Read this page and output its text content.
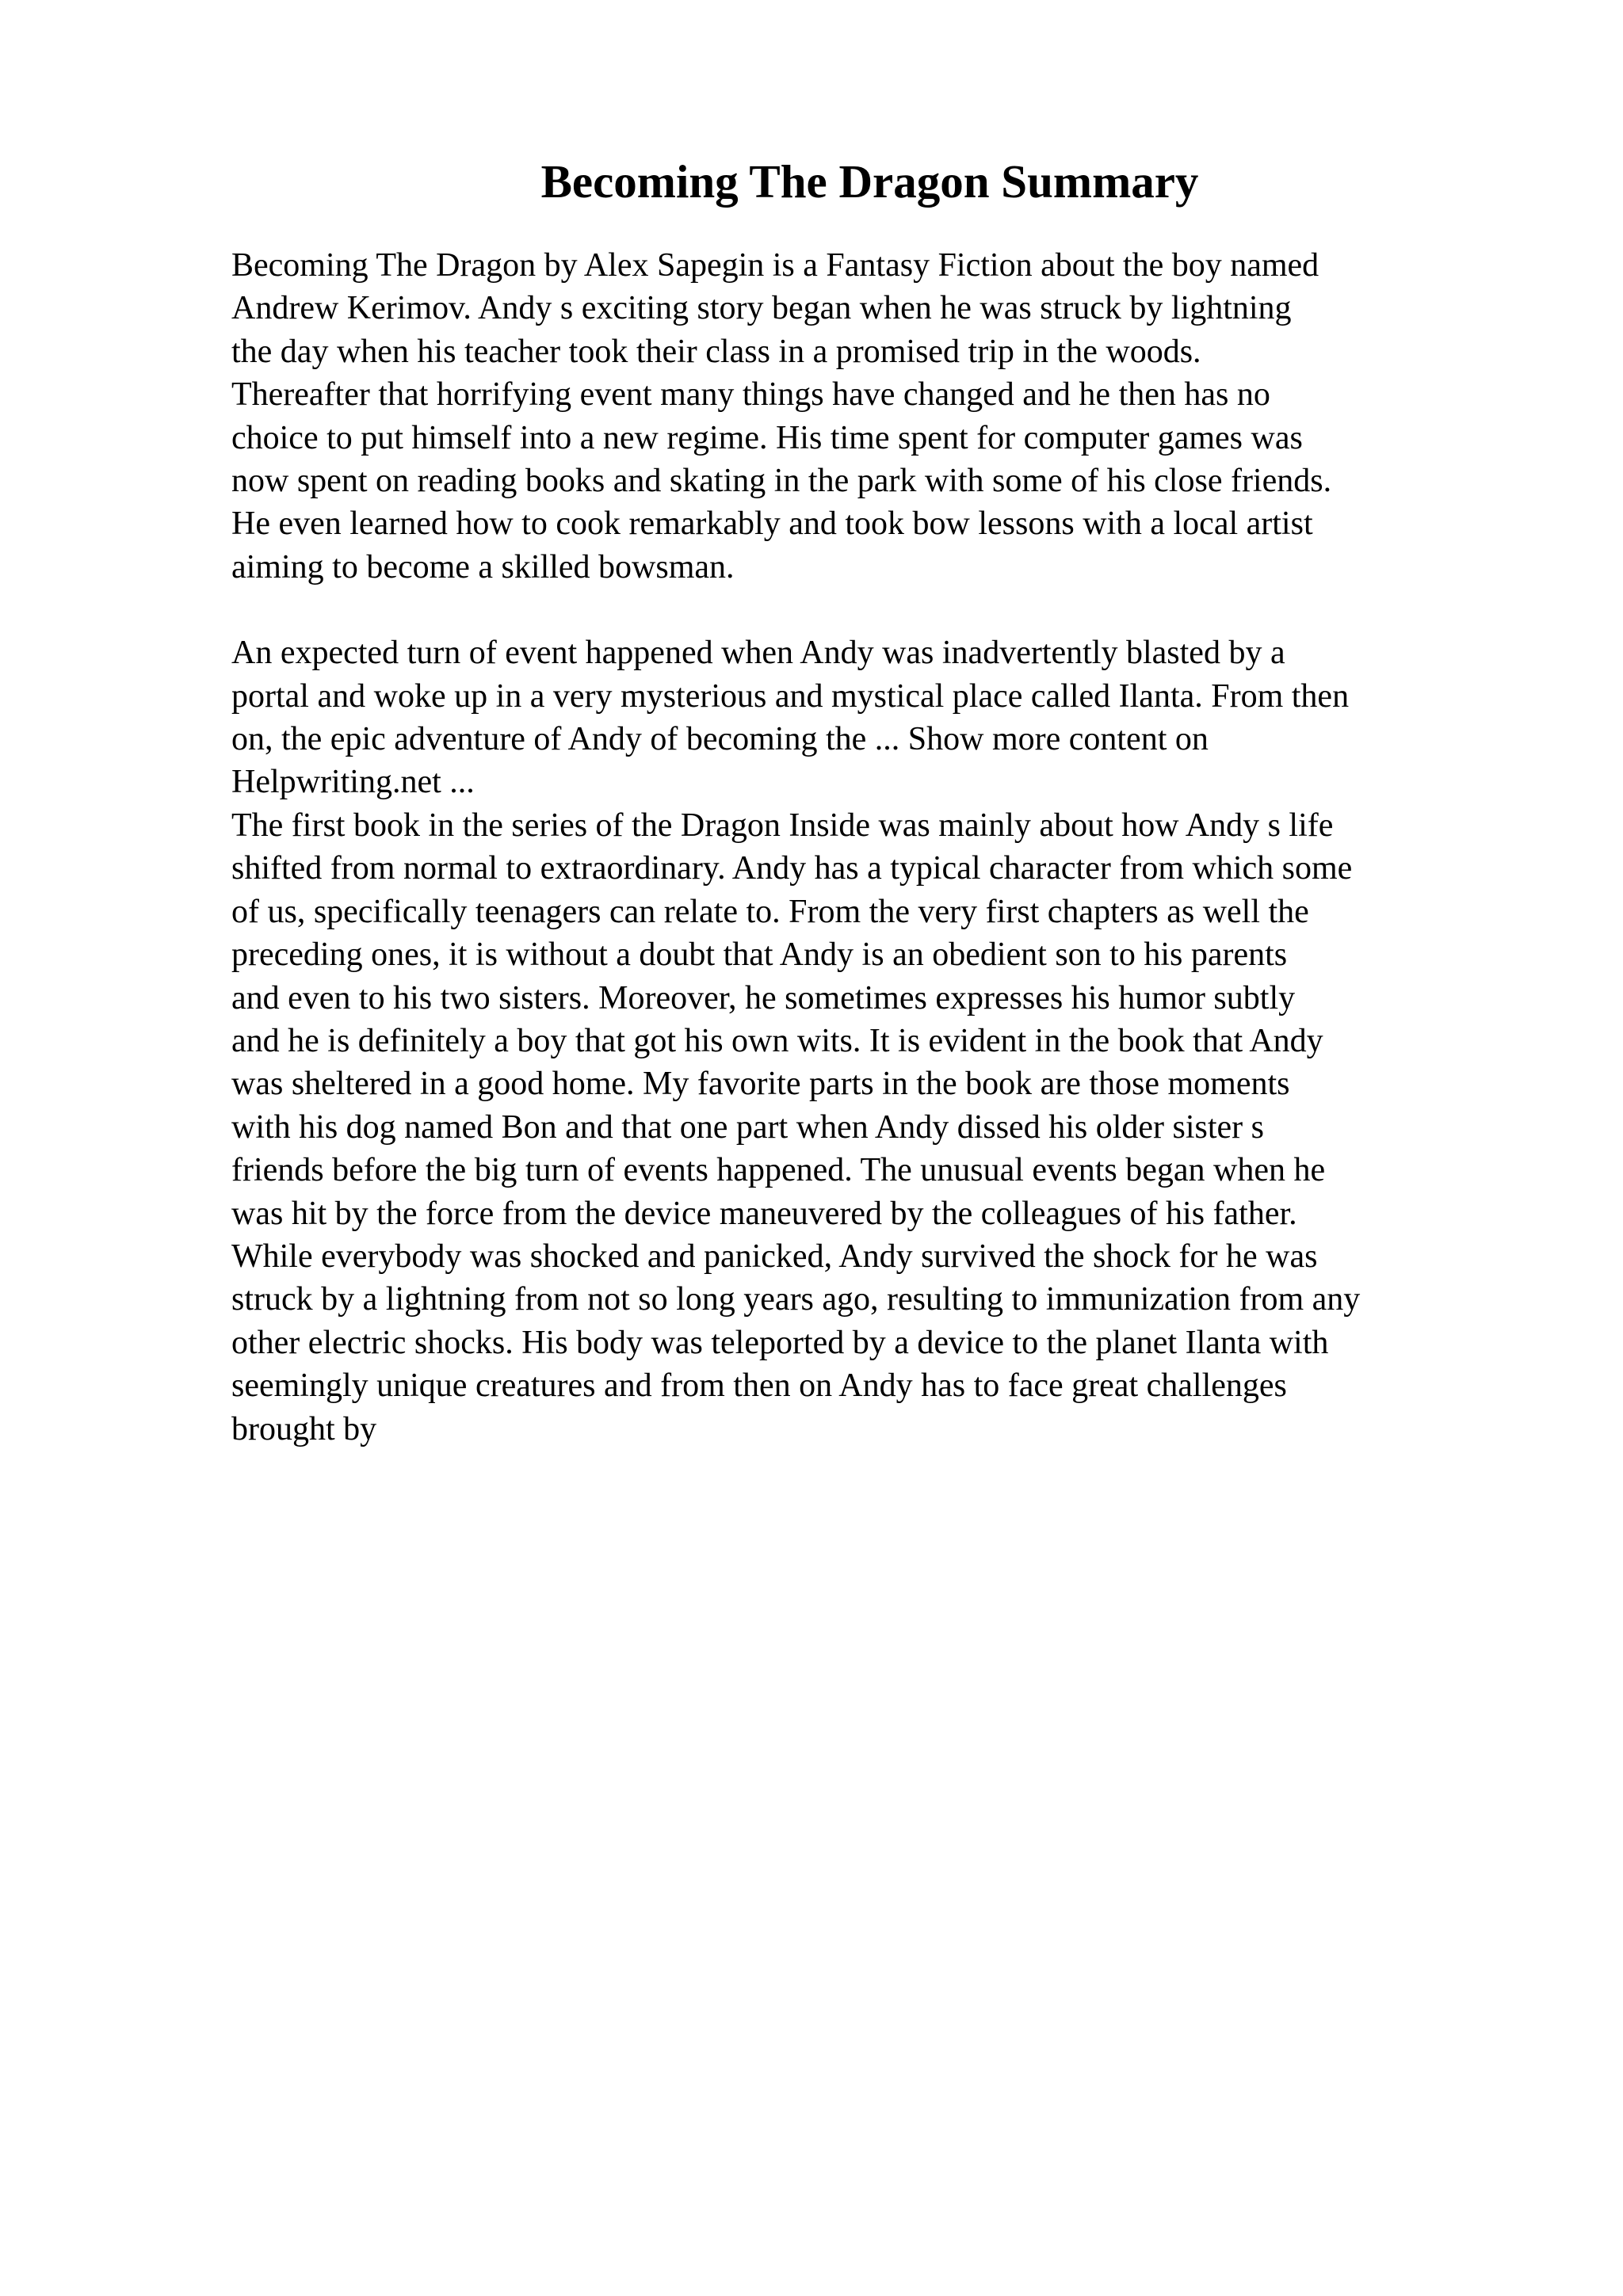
Becoming The Dragon Summary

Becoming The Dragon by Alex Sapegin is a Fantasy Fiction about the boy named
Andrew Kerimov. Andy s exciting story began when he was struck by lightning
the day when his teacher took their class in a promised trip in the woods.
Thereafter that horrifying event many things have changed and he then has no
choice to put himself into a new regime. His time spent for computer games was
now spent on reading books and skating in the park with some of his close friends.
He even learned how to cook remarkably and took bow lessons with a local artist
aiming to become a skilled bowsman.

An expected turn of event happened when Andy was inadvertently blasted by a
portal and woke up in a very mysterious and mystical place called Ilanta. From then
on, the epic adventure of Andy of becoming the ... Show more content on
Helpwriting.net ...

The first book in the series of the Dragon Inside was mainly about how Andy s life
shifted from normal to extraordinary. Andy has a typical character from which some
of us, specifically teenagers can relate to. From the very first chapters as well the
preceding ones, it is without a doubt that Andy is an obedient son to his parents
and even to his two sisters. Moreover, he sometimes expresses his humor subtly
and he is definitely a boy that got his own wits. It is evident in the book that Andy
was sheltered in a good home. My favorite parts in the book are those moments
with his dog named Bon and that one part when Andy dissed his older sister s
friends before the big turn of events happened. The unusual events began when he
was hit by the force from the device maneuvered by the colleagues of his father.
While everybody was shocked and panicked, Andy survived the shock for he was
struck by a lightning from not so long years ago, resulting to immunization from any
other electric shocks. His body was teleported by a device to the planet Ilanta with
seemingly unique creatures and from then on Andy has to face great challenges
brought by
